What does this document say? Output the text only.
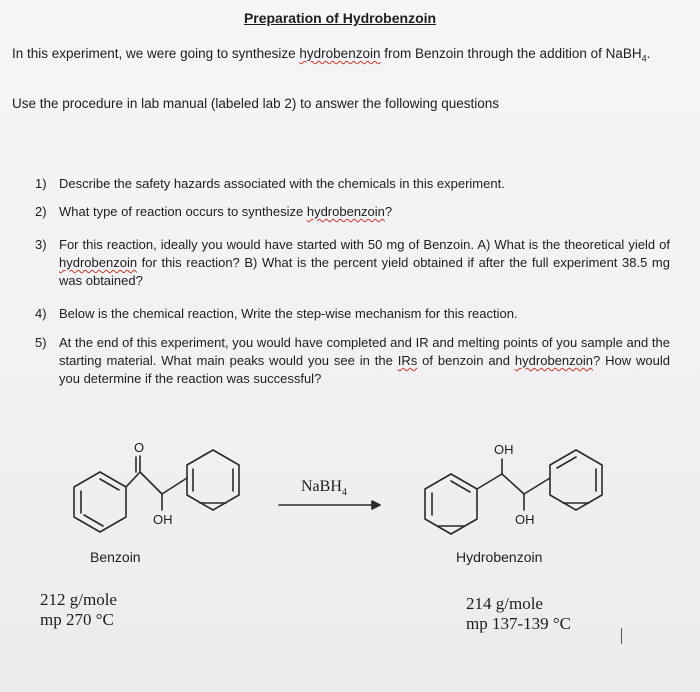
Preparation of Hydrobenzoin
In this experiment, we were going to synthesize hydrobenzoin from Benzoin through the addition of NaBH$_4$.
Use the procedure in lab manual (labeled lab 2) to answer the following questions
1) Describe the safety hazards associated with the chemicals in this experiment.
2) What type of reaction occurs to synthesize hydrobenzoin?
3) For this reaction, ideally you would have started with 50 mg of Benzoin. A) What is the theoretical yield of hydrobenzoin for this reaction? B) What is the percent yield obtained if after the full experiment 38.5 mg was obtained?
4) Below is the chemical reaction, Write the step-wise mechanism for this reaction.
5) At the end of this experiment, you would have completed and IR and melting points of you sample and the starting material. What main peaks would you see in the IRs of benzoin and hydrobenzoin? How would you determine if the reaction was successful?
O
OH
OH
OH
NaBH$_4$
Benzoin	Hydrobenzoin
212 g/mole
mp 270 °C
214 g/mole
mp 137-139 °C
